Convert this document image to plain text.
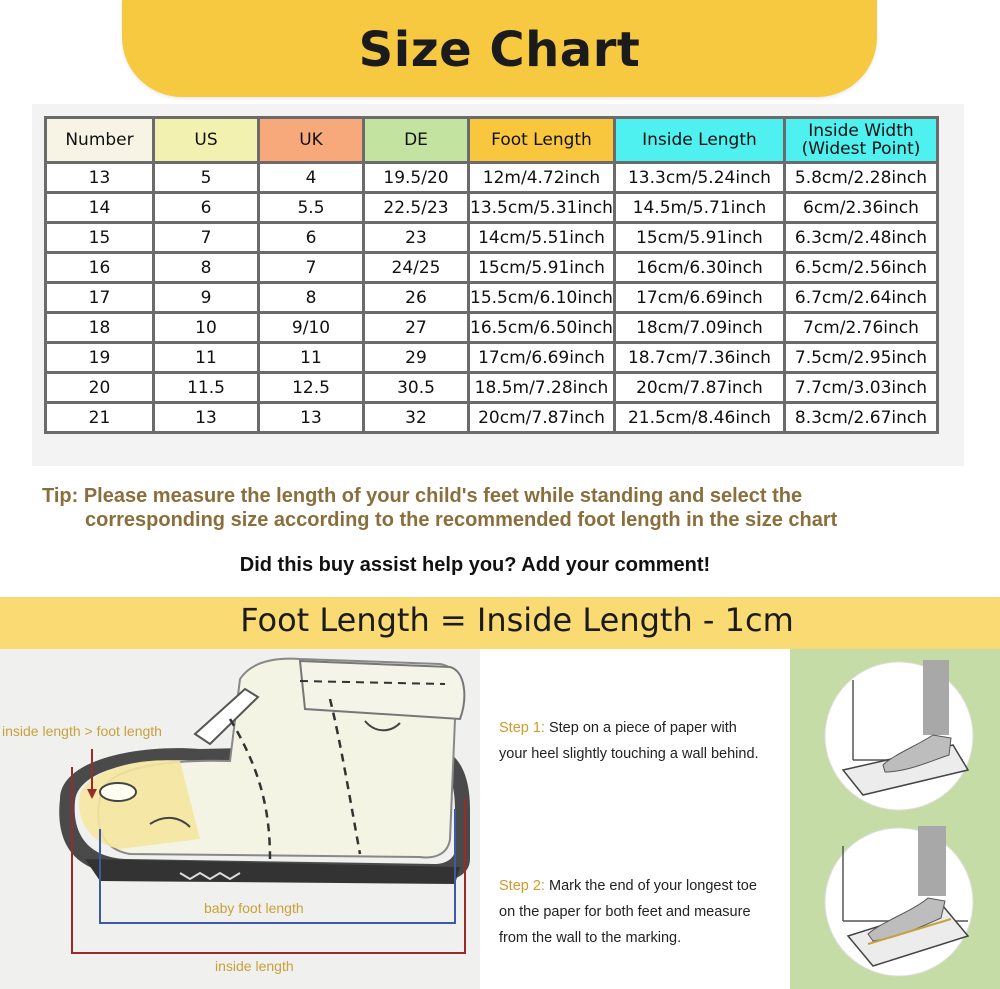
Size Chart
Number	US	UK	DE	Foot Length	Inside Length	Inside Width
(Widest Point)
13	5	4	19.5/20	12m/4.72inch	13.3cm/5.24inch	5.8cm/2.28inch
14	6	5.5	22.5/23	13.5cm/5.31inch	14.5m/5.71inch	6cm/2.36inch
15	7	6	23	14cm/5.51inch	15cm/5.91inch	6.3cm/2.48inch
16	8	7	24/25	15cm/5.91inch	16cm/6.30inch	6.5cm/2.56inch
17	9	8	26	15.5cm/6.10inch	17cm/6.69inch	6.7cm/2.64inch
18	10	9/10	27	16.5cm/6.50inch	18cm/7.09inch	7cm/2.76inch
19	11	11	29	17cm/6.69inch	18.7cm/7.36inch	7.5cm/2.95inch
20	11.5	12.5	30.5	18.5m/7.28inch	20cm/7.87inch	7.7cm/3.03inch
21	13	13	32	20cm/7.87inch	21.5cm/8.46inch	8.3cm/2.67inch
Tip: Please measure the length of your child's feet while standing and select the
corresponding size according to the recommended foot length in the size chart
Did this buy assist help you? Add your comment!
Foot Length = Inside Length - 1cm
inside length > foot length
baby foot length
inside length
Step 1: Step on a piece of paper with
your heel slightly touching a wall behind.
Step 2: Mark the end of your longest toe
on the paper for both feet and measure
from the wall to the marking.
